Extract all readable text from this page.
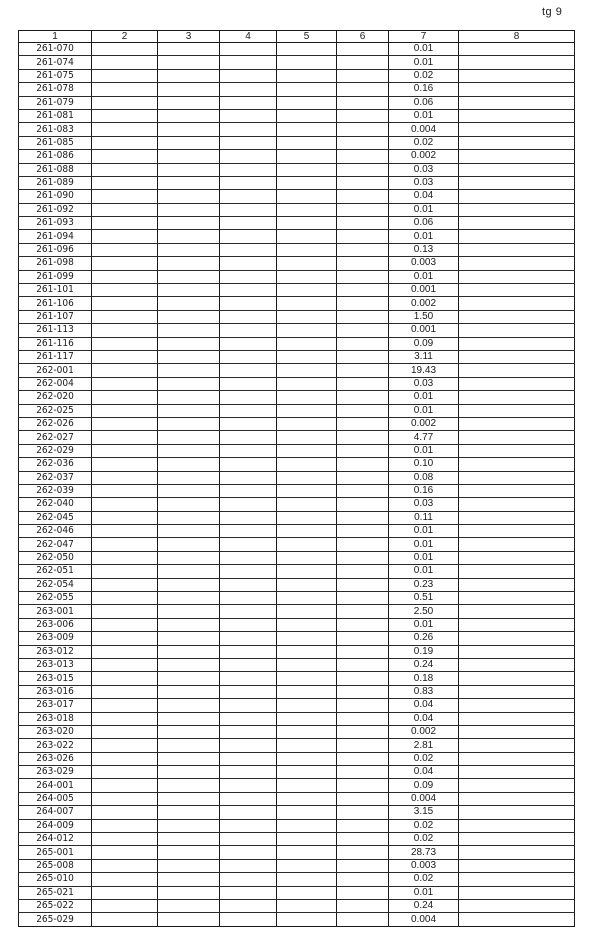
tg 9
1	2	3	4	5	6	7	8
261-070						0.01	
261-074						0.01	
261-075						0.02	
261-078						0.16	
261-079						0.06	
261-081						0.01	
261-083						0.004	
261-085						0.02	
261-086						0.002	
261-088						0.03	
261-089						0.03	
261-090						0.04	
261-092						0.01	
261-093						0.06	
261-094						0.01	
261-096						0.13	
261-098						0.003	
261-099						0.01	
261-101						0.001	
261-106						0.002	
261-107						1.50	
261-113						0.001	
261-116						0.09	
261-117						3.11	
262-001						19.43	
262-004						0.03	
262-020						0.01	
262-025						0.01	
262-026						0.002	
262-027						4.77	
262-029						0.01	
262-036						0.10	
262-037						0.08	
262-039						0.16	
262-040						0.03	
262-045						0.11	
262-046						0.01	
262-047						0.01	
262-050						0.01	
262-051						0.01	
262-054						0.23	
262-055						0.51	
263-001						2.50	
263-006						0.01	
263-009						0.26	
263-012						0.19	
263-013						0.24	
263-015						0.18	
263-016						0.83	
263-017						0.04	
263-018						0.04	
263-020						0.002	
263-022						2.81	
263-026						0.02	
263-029						0.04	
264-001						0.09	
264-005						0.004	
264-007						3.15	
264-009						0.02	
264-012						0.02	
265-001						28.73	
265-008						0.003	
265-010						0.02	
265-021						0.01	
265-022						0.24	
265-029						0.004	
